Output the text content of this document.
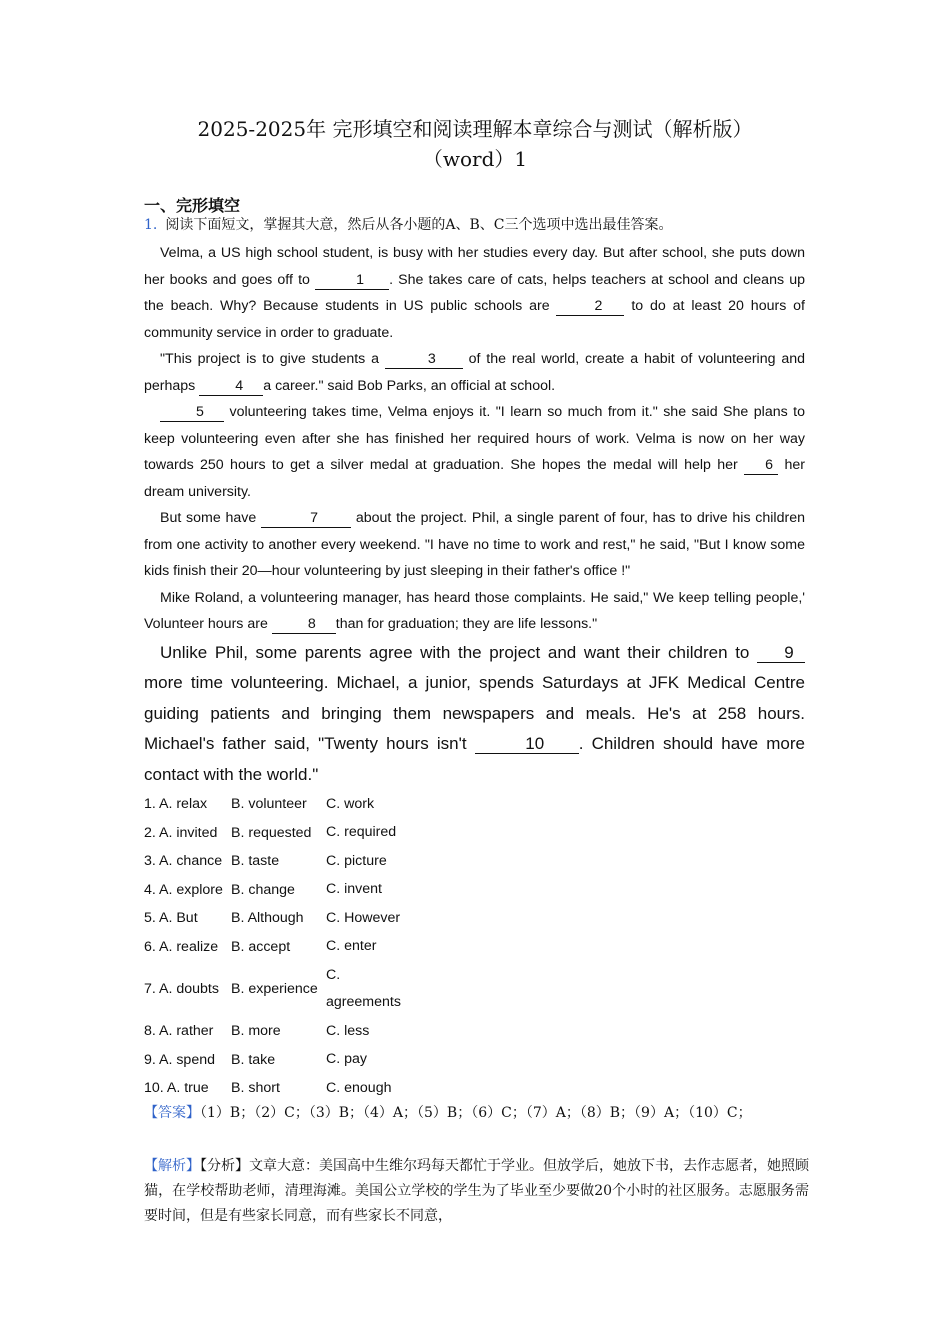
2025-2025年 完形填空和阅读理解本章综合与测试（解析版）
（word）1
一、完形填空
1. 阅读下面短文，掌握其大意，然后从各小题的A、B、C三个选项中选出最佳答案。

Velma, a US high school student, is busy with her studies every day. But after school, she puts down her books and goes off to	1 . She takes care of cats, helps teachers at school and cleans up the beach. Why? Because students in US public schools are	2 to do at least 20 hours of community service in order to graduate.

"This project is to give students a	3 of the real world, create a habit of volunteering and perhaps	4 a career." said Bob Parks, an official at school.

5 volunteering takes time, Velma enjoys it. "I learn so much from it." she said She plans to keep volunteering even after she has finished her required hours of work. Velma is now on her way towards 250 hours to get a silver medal at graduation. She hopes the medal will help her 6 her dream university.

But some have	7	about the project. Phil, a single parent of four, has to drive his children from one activity to another every weekend. "I have no time to work and rest," he said, "But I know some kids finish their 20—hour volunteering by just sleeping in their father's office !"

Mike Roland, a volunteering manager, has heard those complaints. He said," We keep telling people,' Volunteer hours are	8 than for graduation; they are life lessons."

Unlike Phil, some parents agree with the project and want their children to 9 more time volunteering. Michael, a junior, spends Saturdays at JFK Medical Centre guiding patients and bringing them newspapers and meals. He's at 258 hours. Michael's father said, "Twenty hours isn't	10 . Children should have more contact with the world."

1. A. relax	B. volunteer	C. work
2. A. invited B. requested	C. required
3. A. chance B. taste	C. picture
4. A. explore B. change	C. invent
5. A. But	B. Although	C. However
6. A. realize B. accept	C. enter
7. A. doubts B. experience
C. agreements
8. A. rather	B. more	C. less
9. A. spend	B. take	C. pay
10. A. true	B. short	C. enough
【答案】（1）B；（2）C；（3）B；（4）A；（5）B；（6）C；（7）A；（8）B；（9）A；（10）C；
【解析】【分析】文章大意：美国高中生维尔玛每天都忙于学业。但放学后，她放下书，去作志愿者，她照顾猫，在学校帮助老师，清理海滩。美国公立学校的学生为了毕业至少要做20个小时的社区服务。志愿服务需要时间，但是有些家长同意，而有些家长不同意，
